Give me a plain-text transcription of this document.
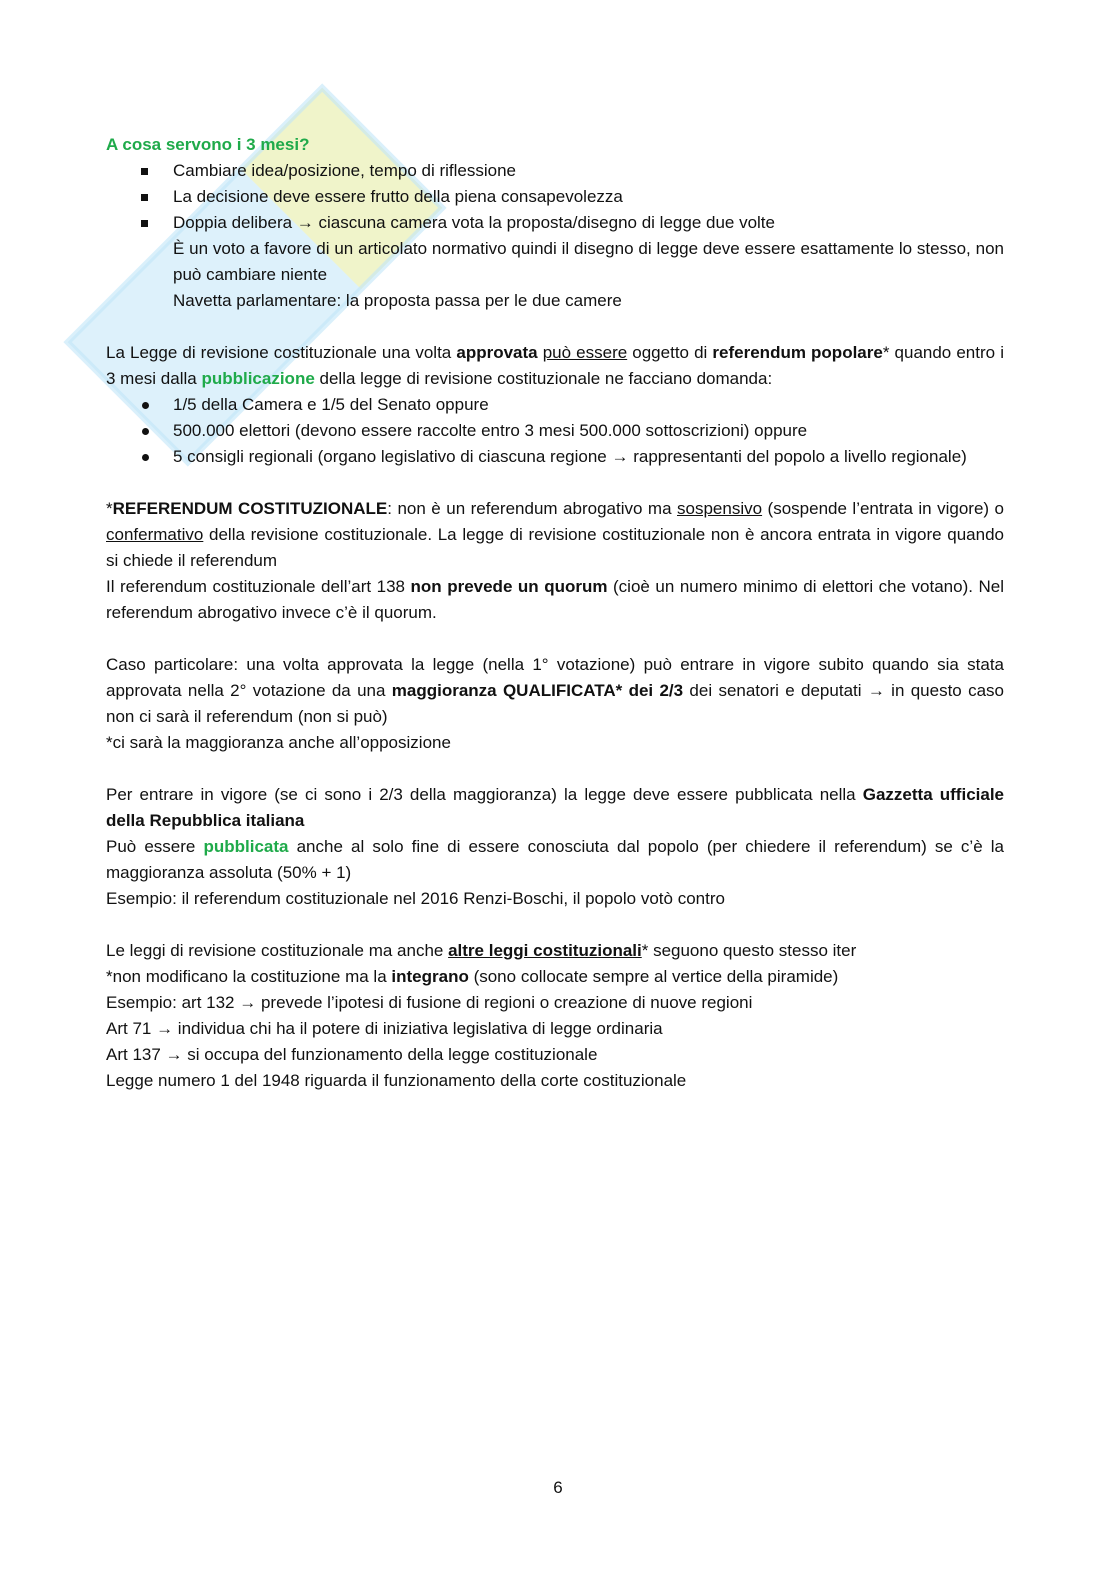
A cosa servono i 3 mesi?

Cambiare idea/posizione, tempo di riflessione
La decisione deve essere frutto della piena consapevolezza
Doppia delibera → ciascuna camera vota la proposta/disegno di legge due volte

È un voto a favore di un articolato normativo quindi il disegno di legge deve essere esattamente lo stesso, non può cambiare niente

Navetta parlamentare: la proposta passa per le due camere

La Legge di revisione costituzionale una volta approvata può essere oggetto di referendum popolare* quando entro i 3 mesi dalla pubblicazione della legge di revisione costituzionale ne facciano domanda:

1/5 della Camera e 1/5 del Senato oppure
500.000 elettori (devono essere raccolte entro 3 mesi 500.000 sottoscrizioni) oppure
5 consigli regionali (organo legislativo di ciascuna regione → rappresentanti del popolo a livello regionale)

*REFERENDUM COSTITUZIONALE: non è un referendum abrogativo ma sospensivo (sospende l’entrata in vigore) o confermativo della revisione costituzionale. La legge di revisione costituzionale non è ancora entrata in vigore quando si chiede il referendum

Il referendum costituzionale dell’art 138 non prevede un quorum (cioè un numero minimo di elettori che votano). Nel referendum abrogativo invece c’è il quorum.

Caso particolare: una volta approvata la legge (nella 1° votazione) può entrare in vigore subito quando sia stata approvata nella 2° votazione da una maggioranza QUALIFICATA* dei 2/3 dei senatori e deputati → in questo caso non ci sarà il referendum (non si può)

*ci sarà la maggioranza anche all’opposizione

Per entrare in vigore (se ci sono i 2/3 della maggioranza) la legge deve essere pubblicata nella Gazzetta ufficiale della Repubblica italiana

Può essere pubblicata anche al solo fine di essere conosciuta dal popolo (per chiedere il referendum) se c’è la maggioranza assoluta (50% + 1)

Esempio: il referendum costituzionale nel 2016 Renzi-Boschi, il popolo votò contro

Le leggi di revisione costituzionale ma anche altre leggi costituzionali* seguono questo stesso iter

*non modificano la costituzione ma la integrano (sono collocate sempre al vertice della piramide)

Esempio: art 132 → prevede l’ipotesi di fusione di regioni o creazione di nuove regioni

Art 71 → individua chi ha il potere di iniziativa legislativa di legge ordinaria

Art 137 → si occupa del funzionamento della legge costituzionale

Legge numero 1 del 1948 riguarda il funzionamento della corte costituzionale

6
